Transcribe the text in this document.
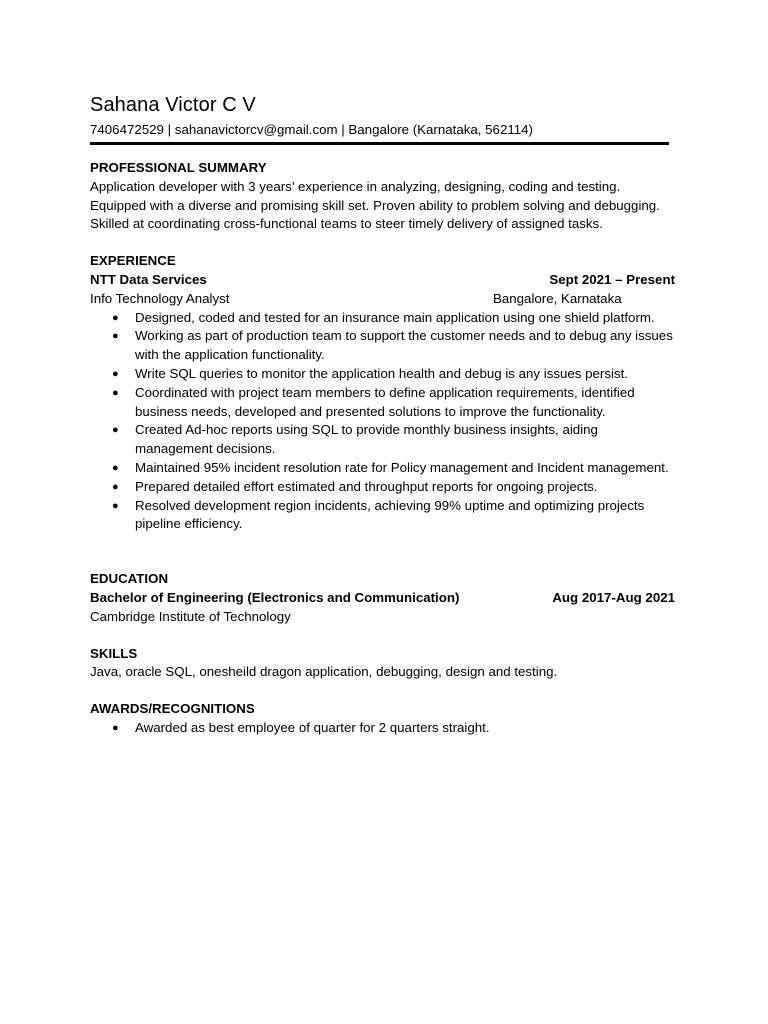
Sahana Victor C V
7406472529 | sahanavictorcv@gmail.com | Bangalore (Karnataka, 562114)
PROFESSIONAL SUMMARY
Application developer with 3 years’ experience in analyzing, designing, coding and testing. Equipped with a diverse and promising skill set. Proven ability to problem solving and debugging. Skilled at coordinating cross-functional teams to steer timely delivery of assigned tasks.
EXPERIENCE
NTT Data Services	Sept 2021 – Present
Info Technology Analyst	Bangalore, Karnataka
● Designed, coded and tested for an insurance main application using one shield platform.
● Working as part of production team to support the customer needs and to debug any issues with the application functionality.
● Write SQL queries to monitor the application health and debug is any issues persist.
● Coordinated with project team members to define application requirements, identified business needs, developed and presented solutions to improve the functionality.
● Created Ad-hoc reports using SQL to provide monthly business insights, aiding management decisions.
● Maintained 95% incident resolution rate for Policy management and Incident management.
● Prepared detailed effort estimated and throughput reports for ongoing projects.
● Resolved development region incidents, achieving 99% uptime and optimizing projects pipeline efficiency.
EDUCATION
Bachelor of Engineering (Electronics and Communication)	Aug 2017-Aug 2021
Cambridge Institute of Technology
SKILLS
Java, oracle SQL, onesheild dragon application, debugging, design and testing.
AWARDS/RECOGNITIONS
● Awarded as best employee of quarter for 2 quarters straight.
